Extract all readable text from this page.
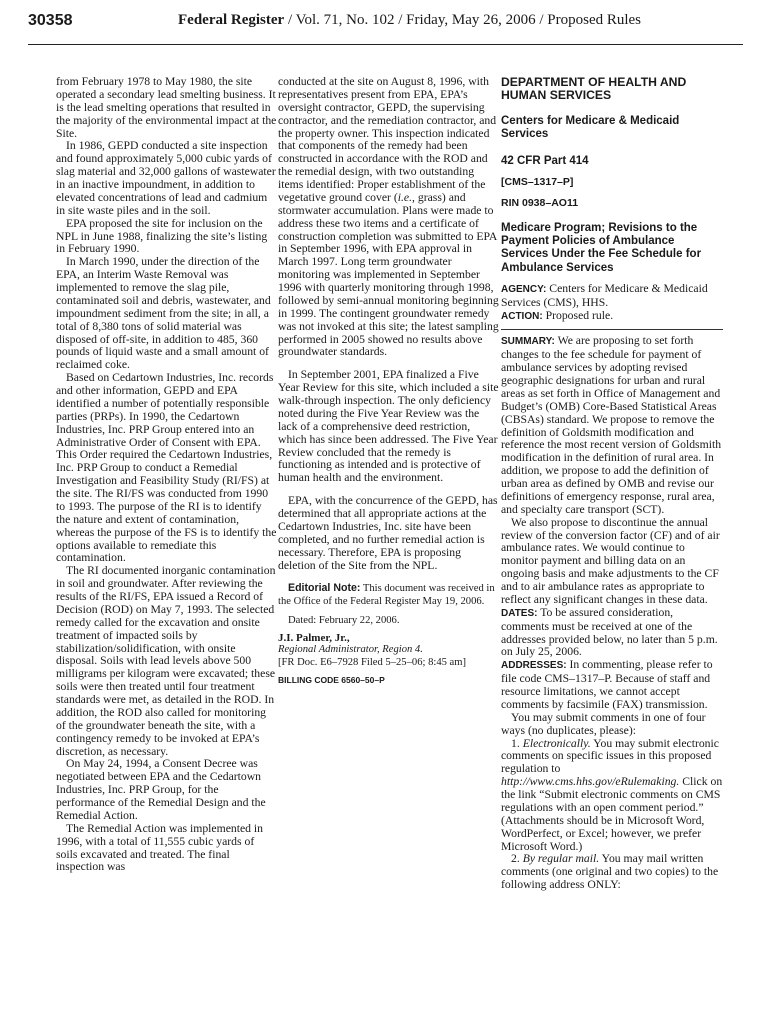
30358	Federal Register / Vol. 71, No. 102 / Friday, May 26, 2006 / Proposed Rules

from February 1978 to May 1980, the site operated a secondary lead smelting business. It is the lead smelting operations that resulted in the majority of the environmental impact at the Site.

In 1986, GEPD conducted a site inspection and found approximately 5,000 cubic yards of slag material and 32,000 gallons of wastewater in an inactive impoundment, in addition to elevated concentrations of lead and cadmium in site waste piles and in the soil.

EPA proposed the site for inclusion on the NPL in June 1988, finalizing the site’s listing in February 1990.

In March 1990, under the direction of the EPA, an Interim Waste Removal was implemented to remove the slag pile, contaminated soil and debris, wastewater, and impoundment sediment from the site; in all, a total of 8,380 tons of solid material was disposed of off-site, in addition to 485, 360 pounds of liquid waste and a small amount of reclaimed coke.

Based on Cedartown Industries, Inc. records and other information, GEPD and EPA identified a number of potentially responsible parties (PRPs). In 1990, the Cedartown Industries, Inc. PRP Group entered into an Administrative Order of Consent with EPA. This Order required the Cedartown Industries, Inc. PRP Group to conduct a Remedial Investigation and Feasibility Study (RI/FS) at the site. The RI/FS was conducted from 1990 to 1993. The purpose of the RI is to identify the nature and extent of contamination, whereas the purpose of the FS is to identify the options available to remediate this contamination.

The RI documented inorganic contamination in soil and groundwater. After reviewing the results of the RI/FS, EPA issued a Record of Decision (ROD) on May 7, 1993. The selected remedy called for the excavation and onsite treatment of impacted soils by stabilization/solidification, with onsite disposal. Soils with lead levels above 500 milligrams per kilogram were excavated; these soils were then treated until four treatment standards were met, as detailed in the ROD. In addition, the ROD also called for monitoring of the groundwater beneath the site, with a contingency remedy to be invoked at EPA’s discretion, as necessary.

On May 24, 1994, a Consent Decree was negotiated between EPA and the Cedartown Industries, Inc. PRP Group, for the performance of the Remedial Design and the Remedial Action.

The Remedial Action was implemented in 1996, with a total of 11,555 cubic yards of soils excavated and treated. The final inspection was

conducted at the site on August 8, 1996, with representatives present from EPA, EPA’s oversight contractor, GEPD, the supervising contractor, and the remediation contractor, and the property owner. This inspection indicated that components of the remedy had been constructed in accordance with the ROD and the remedial design, with two outstanding items identified: Proper establishment of the vegetative ground cover (i.e., grass) and stormwater accumulation. Plans were made to address these two items and a certificate of construction completion was submitted to EPA in September 1996, with EPA approval in March 1997. Long term groundwater monitoring was implemented in September 1996 with quarterly monitoring through 1998, followed by semi-annual monitoring beginning in 1999. The contingent groundwater remedy was not invoked at this site; the latest sampling performed in 2005 showed no results above groundwater standards.

In September 2001, EPA finalized a Five Year Review for this site, which included a site walk-through inspection. The only deficiency noted during the Five Year Review was the lack of a comprehensive deed restriction, which has since been addressed. The Five Year Review concluded that the remedy is functioning as intended and is protective of human health and the environment.

EPA, with the concurrence of the GEPD, has determined that all appropriate actions at the Cedartown Industries, Inc. site have been completed, and no further remedial action is necessary. Therefore, EPA is proposing deletion of the Site from the NPL.

Editorial Note: This document was received in the Office of the Federal Register May 19, 2006.

Dated: February 22, 2006.

J.I. Palmer, Jr.,

Regional Administrator, Region 4.

[FR Doc. E6–7928 Filed 5–25–06; 8:45 am]

BILLING CODE 6560–50–P

DEPARTMENT OF HEALTH AND HUMAN SERVICES

Centers for Medicare & Medicaid Services

42 CFR Part 414

[CMS–1317–P]

RIN 0938–AO11

Medicare Program; Revisions to the Payment Policies of Ambulance Services Under the Fee Schedule for Ambulance Services

AGENCY: Centers for Medicare & Medicaid Services (CMS), HHS.

ACTION: Proposed rule.

SUMMARY: We are proposing to set forth changes to the fee schedule for payment of ambulance services by adopting revised geographic designations for urban and rural areas as set forth in Office of Management and Budget’s (OMB) Core-Based Statistical Areas (CBSAs) standard. We propose to remove the definition of Goldsmith modification and reference the most recent version of Goldsmith modification in the definition of rural area. In addition, we propose to add the definition of urban area as defined by OMB and revise our definitions of emergency response, rural area, and specialty care transport (SCT).

We also propose to discontinue the annual review of the conversion factor (CF) and of air ambulance rates. We would continue to monitor payment and billing data on an ongoing basis and make adjustments to the CF and to air ambulance rates as appropriate to reflect any significant changes in these data.

DATES: To be assured consideration, comments must be received at one of the addresses provided below, no later than 5 p.m. on July 25, 2006.

ADDRESSES: In commenting, please refer to file code CMS–1317–P. Because of staff and resource limitations, we cannot accept comments by facsimile (FAX) transmission.

You may submit comments in one of four ways (no duplicates, please):

1. Electronically. You may submit electronic comments on specific issues in this proposed regulation to http://www.cms.hhs.gov/eRulemaking. Click on the link “Submit electronic comments on CMS regulations with an open comment period.” (Attachments should be in Microsoft Word, WordPerfect, or Excel; however, we prefer Microsoft Word.)

2. By regular mail. You may mail written comments (one original and two copies) to the following address ONLY:
